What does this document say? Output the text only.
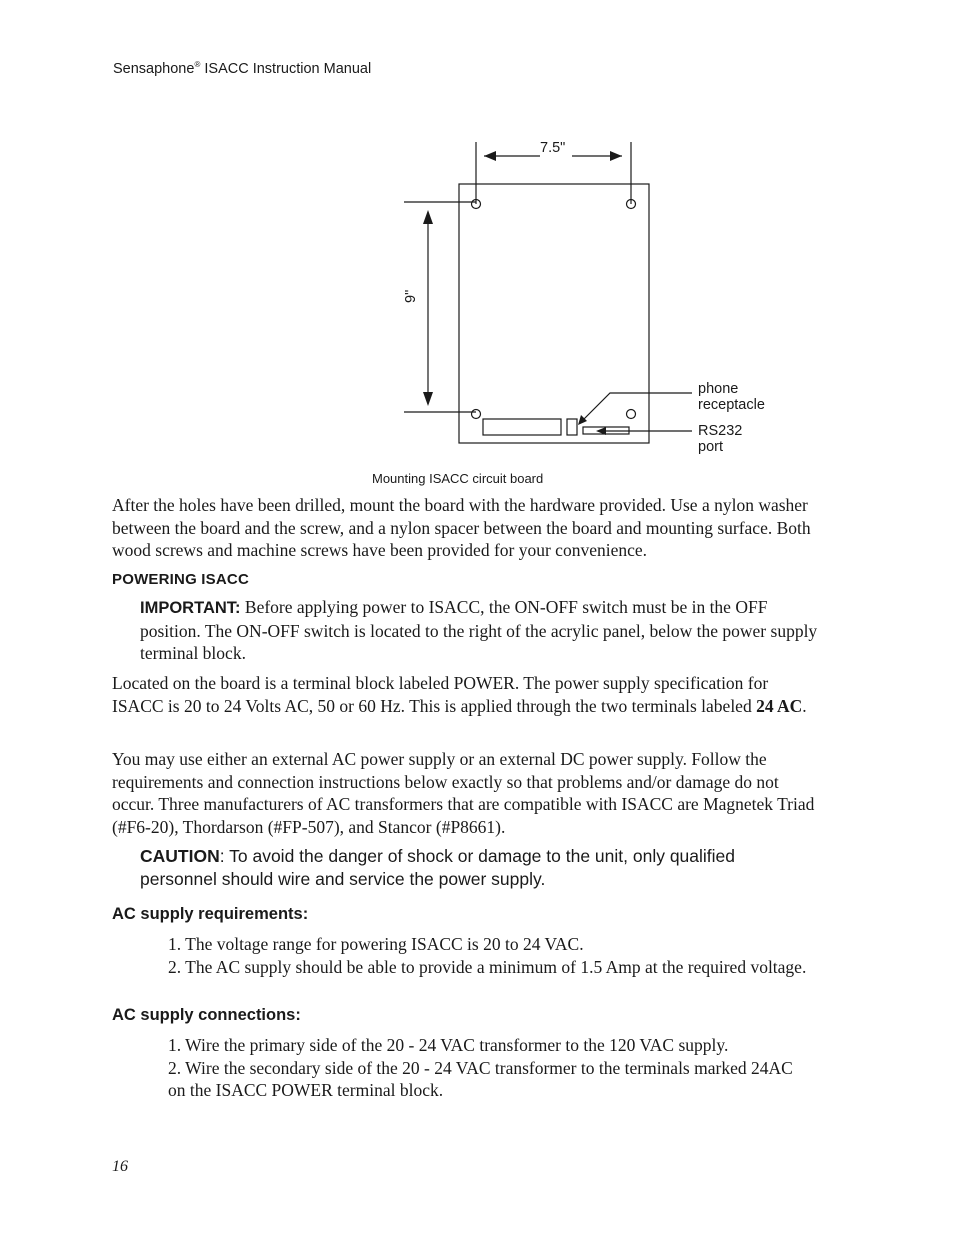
Sensaphone® ISACC Instruction Manual
7.5"
9"
phone
receptacle
RS232
port
Mounting ISACC circuit board

After the holes have been drilled, mount the board with the hardware provided. Use a nylon washer between the board and the screw, and a nylon spacer between the board and mounting surface. Both wood screws and machine screws have been provided for your convenience.

POWERING ISACC

IMPORTANT: Before applying power to ISACC, the ON-OFF switch must be in the OFF position. The ON-OFF switch is located to the right of the acrylic panel, below the power supply terminal block.

Located on the board is a terminal block labeled POWER. The power supply specification for ISACC is 20 to 24 Volts AC, 50 or 60 Hz. This is applied through the two terminals labeled 24 AC.

You may use either an external AC power supply or an external DC power supply. Follow the requirements and connection instructions below exactly so that problems and/or damage do not occur. Three manufacturers of AC transformers that are compatible with ISACC are Magnetek Triad (#F6-20), Thordarson (#FP-507), and Stancor (#P8661).

CAUTION: To avoid the danger of shock or damage to the unit, only qualified personnel should wire and service the power supply.

AC supply requirements:
1. The voltage range for powering ISACC is 20 to 24 VAC.
2. The AC supply should be able to provide a minimum of 1.5 Amp at the required voltage.
AC supply connections:
1. Wire the primary side of the 20 - 24 VAC transformer to the 120 VAC supply.
2. Wire the secondary side of the 20 - 24 VAC transformer to the terminals marked 24AC on the ISACC POWER terminal block.
16
